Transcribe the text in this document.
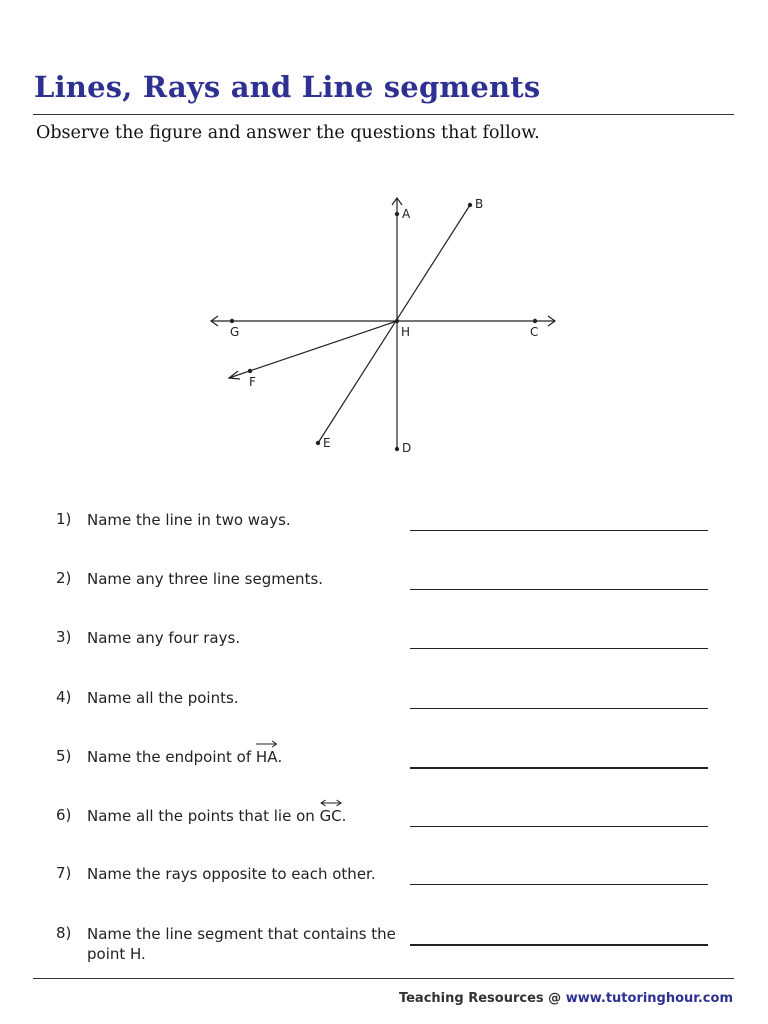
Lines, Rays and Line segments

Observe the figure and answer the questions that follow.

A
B
C
D
E
F
G	H
1) Name the line in two ways.
2) Name any three line segments.
3) Name any four rays.
4) Name all the points.
5) Name the endpoint of
HA.
6) Name all the points that lie on
GC.
7) Name the rays opposite to each other.
8) Name the line segment that contains the point H.
Teaching Resources @ www.tutoringhour.com
